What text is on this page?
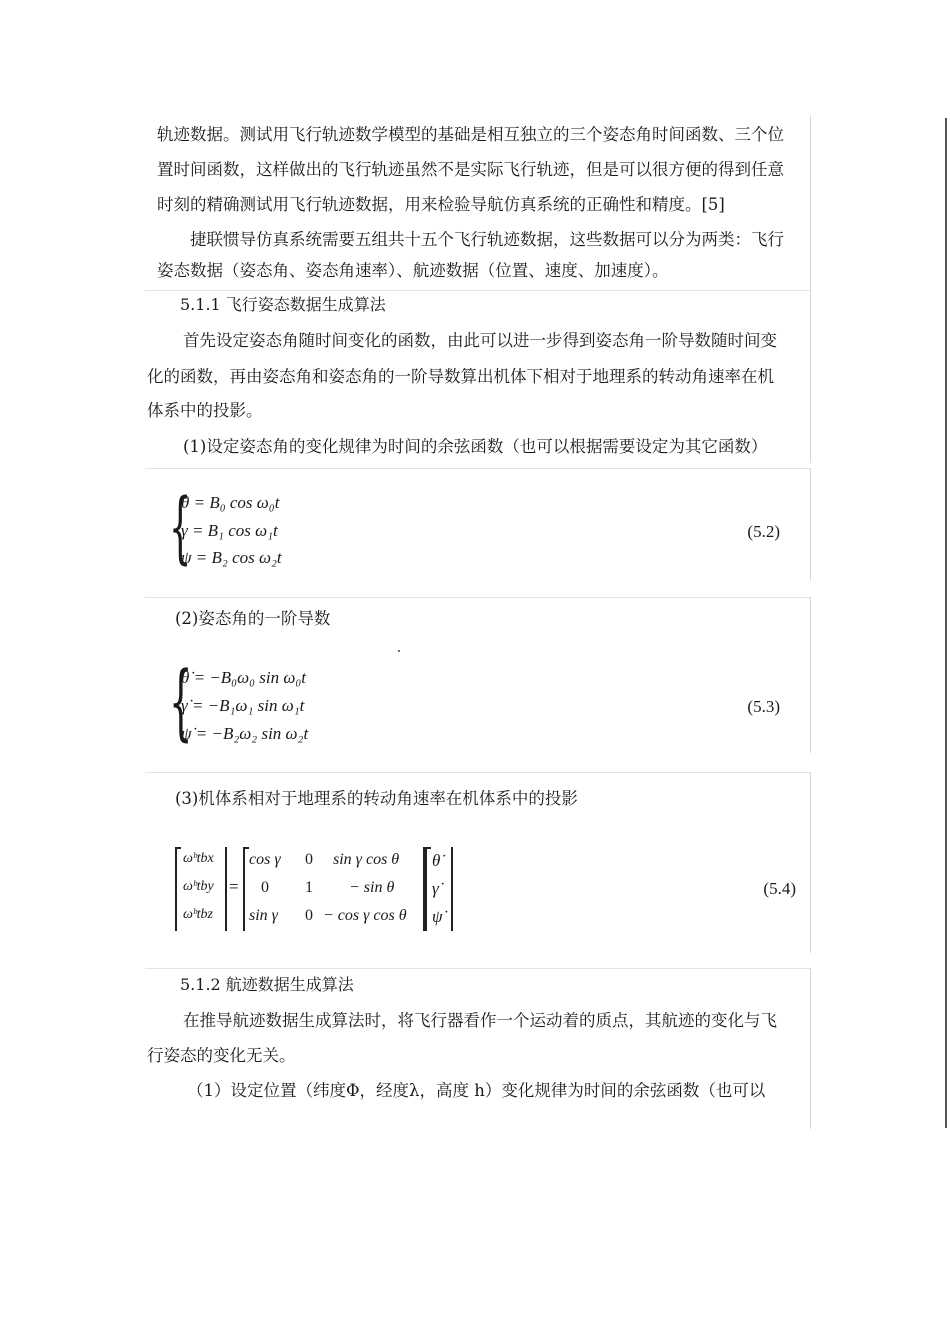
轨迹数据。测试用飞行轨迹数学模型的基础是相互独立的三个姿态角时间函数、三个位
置时间函数，这样做出的飞行轨迹虽然不是实际飞行轨迹，但是可以很方便的得到任意
时刻的精确测试用飞行轨迹数据，用来检验导航仿真系统的正确性和精度。[5]
捷联惯导仿真系统需要五组共十五个飞行轨迹数据，这些数据可以分为两类：飞行
姿态数据（姿态角、姿态角速率）、航迹数据（位置、速度、加速度）。
5.1.1 飞行姿态数据生成算法
首先设定姿态角随时间变化的函数，由此可以进一步得到姿态角一阶导数随时间变
化的函数，再由姿态角和姿态角的一阶导数算出机体下相对于地理系的转动角速率在机
体系中的投影。
(1)设定姿态角的变化规律为时间的余弦函数（也可以根据需要设定为其它函数）
{
θ = B₀ cos ω₀t
γ = B₁ cos ω₁t
ψ = B₂ cos ω₂t
(5.2)
(2)姿态角的一阶导数
{
θ̇ = −B₀ω₀ sin ω₀t
γ̇ = −B₁ω₁ sin ω₁t
ψ̇ = −B₂ω₂ sin ω₂t
(5.3)
(3)机体系相对于地理系的转动角速率在机体系中的投影
ωᵇtbx
ωᵇtby
ωᵇtbz
=
cos γ 0 sin γ cos θ
0 1 − sin θ
sin γ 0 − cos γ cos θ
θ̇
γ̇
ψ̇
(5.4)
5.1.2 航迹数据生成算法
在推导航迹数据生成算法时，将飞行器看作一个运动着的质点，其航迹的变化与飞
行姿态的变化无关。
（1）设定位置（纬度Φ，经度λ，高度 h）变化规律为时间的余弦函数（也可以
